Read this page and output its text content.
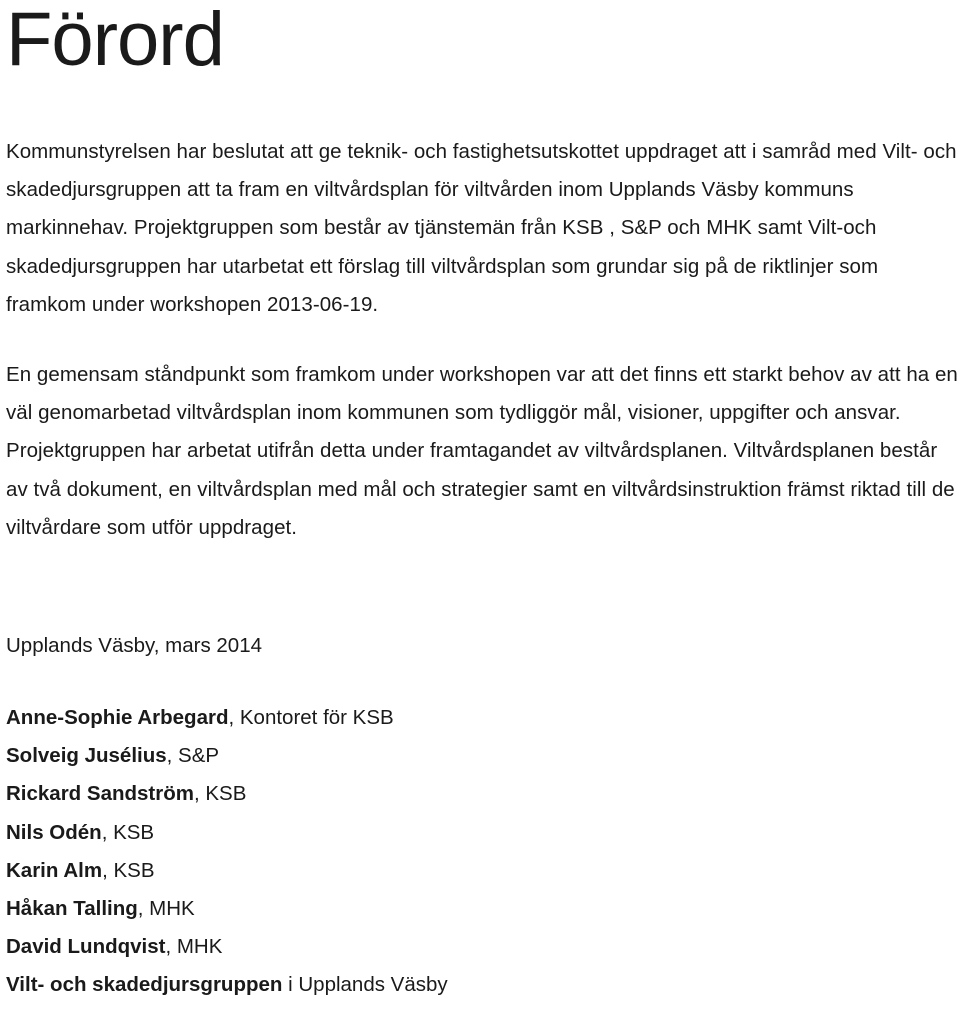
Förord

Kommunstyrelsen har beslutat att ge teknik- och fastighetsutskottet uppdraget att i samråd med Vilt- och skadedjursgruppen att ta fram en viltvårdsplan för viltvården inom Upplands Väsby kommuns markinnehav. Projektgruppen som består av tjänstemän från KSB , S&P och MHK samt Vilt-och skadedjursgruppen har utarbetat ett förslag till viltvårdsplan som grundar sig på de riktlinjer som framkom under workshopen 2013-06-19.

En gemensam ståndpunkt som framkom under workshopen var att det finns ett starkt behov av att ha en väl genomarbetad viltvårdsplan inom kommunen som tydliggör mål, visioner, uppgifter och ansvar. Projektgruppen har arbetat utifrån detta under framtagandet av viltvårdsplanen. Viltvårdsplanen består av två dokument, en viltvårdsplan med mål och strategier samt en viltvårdsinstruktion främst riktad till de viltvårdare som utför uppdraget.

Upplands Väsby, mars 2014
Anne-Sophie Arbegard, Kontoret för KSB
Solveig Jusélius, S&P
Rickard Sandström, KSB
Nils Odén, KSB
Karin Alm, KSB
Håkan Talling, MHK
David Lundqvist, MHK
Vilt- och skadedjursgruppen i Upplands Väsby
